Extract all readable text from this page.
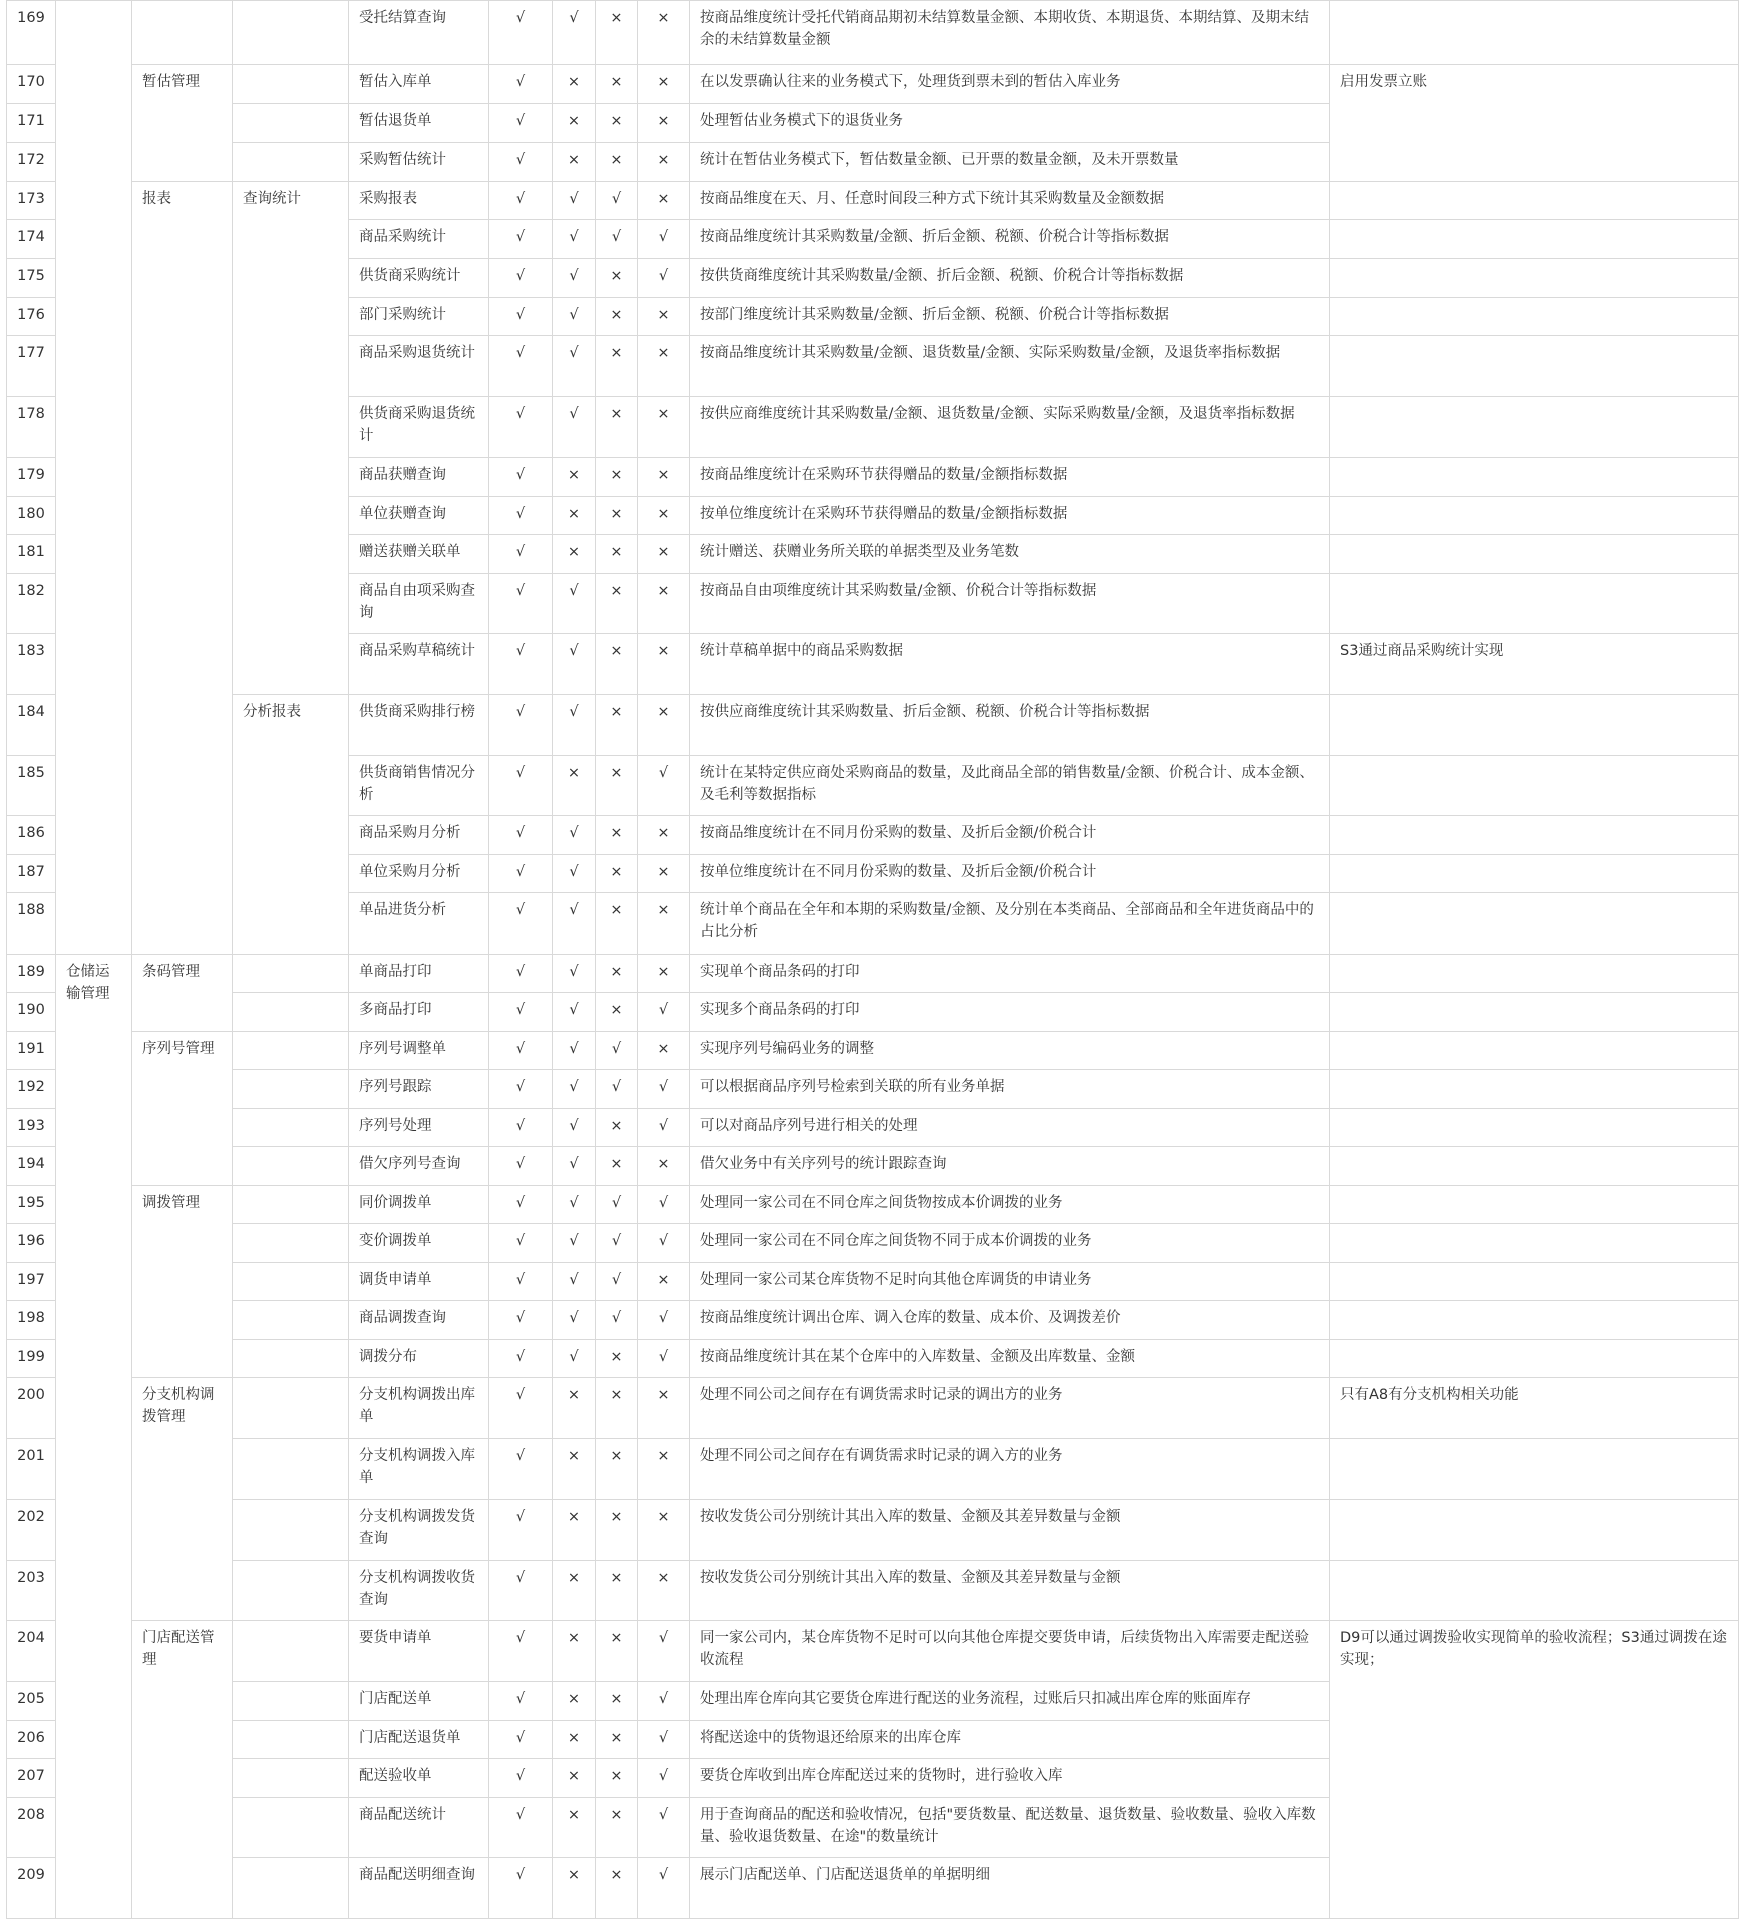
169				受托结算查询	√	√	×	×	按商品维度统计受托代销商品期初未结算数量金额、本期收货、本期退货、本期结算、及期末结余的未结算数量金额	
170		暂估管理		暂估入库单	√	×	×	×	在以发票确认往来的业务模式下，处理货到票未到的暂估入库业务	启用发票立账
171				暂估退货单	√	×	×	×	处理暂估业务模式下的退货业务	
172				采购暂估统计	√	×	×	×	统计在暂估业务模式下，暂估数量金额、已开票的数量金额，及未开票数量	
173		报表	查询统计	采购报表	√	√	√	×	按商品维度在天、月、任意时间段三种方式下统计其采购数量及金额数据	
174				商品采购统计	√	√	√	√	按商品维度统计其采购数量/金额、折后金额、税额、价税合计等指标数据	
175				供货商采购统计	√	√	×	√	按供货商维度统计其采购数量/金额、折后金额、税额、价税合计等指标数据	
176				部门采购统计	√	√	×	×	按部门维度统计其采购数量/金额、折后金额、税额、价税合计等指标数据	
177				商品采购退货统计	√	√	×	×	按商品维度统计其采购数量/金额、退货数量/金额、实际采购数量/金额，及退货率指标数据	
178				供货商采购退货统计	√	√	×	×	按供应商维度统计其采购数量/金额、退货数量/金额、实际采购数量/金额，及退货率指标数据	
179				商品获赠查询	√	×	×	×	按商品维度统计在采购环节获得赠品的数量/金额指标数据	
180				单位获赠查询	√	×	×	×	按单位维度统计在采购环节获得赠品的数量/金额指标数据	
181				赠送获赠关联单	√	×	×	×	统计赠送、获赠业务所关联的单据类型及业务笔数	
182				商品自由项采购查询	√	√	×	×	按商品自由项维度统计其采购数量/金额、价税合计等指标数据	
183				商品采购草稿统计	√	√	×	×	统计草稿单据中的商品采购数据	S3通过商品采购统计实现
184			分析报表	供货商采购排行榜	√	√	×	×	按供应商维度统计其采购数量、折后金额、税额、价税合计等指标数据	
185				供货商销售情况分析	√	×	×	√	统计在某特定供应商处采购商品的数量，及此商品全部的销售数量/金额、价税合计、成本金额、及毛利等数据指标	
186				商品采购月分析	√	√	×	×	按商品维度统计在不同月份采购的数量、及折后金额/价税合计	
187				单位采购月分析	√	√	×	×	按单位维度统计在不同月份采购的数量、及折后金额/价税合计	
188				单品进货分析	√	√	×	×	统计单个商品在全年和本期的采购数量/金额、及分别在本类商品、全部商品和全年进货商品中的占比分析	
189	仓储运输管理	条码管理		单商品打印	√	√	×	×	实现单个商品条码的打印	
190				多商品打印	√	√	×	√	实现多个商品条码的打印	
191		序列号管理		序列号调整单	√	√	√	×	实现序列号编码业务的调整	
192				序列号跟踪	√	√	√	√	可以根据商品序列号检索到关联的所有业务单据	
193				序列号处理	√	√	×	√	可以对商品序列号进行相关的处理	
194				借欠序列号查询	√	√	×	×	借欠业务中有关序列号的统计跟踪查询	
195		调拨管理		同价调拨单	√	√	√	√	处理同一家公司在不同仓库之间货物按成本价调拨的业务	
196				变价调拨单	√	√	√	√	处理同一家公司在不同仓库之间货物不同于成本价调拨的业务	
197				调货申请单	√	√	√	×	处理同一家公司某仓库货物不足时向其他仓库调货的申请业务	
198				商品调拨查询	√	√	√	√	按商品维度统计调出仓库、调入仓库的数量、成本价、及调拨差价	
199				调拨分布	√	√	×	√	按商品维度统计其在某个仓库中的入库数量、金额及出库数量、金额	
200		分支机构调拨管理		分支机构调拨出库单	√	×	×	×	处理不同公司之间存在有调货需求时记录的调出方的业务	只有A8有分支机构相关功能
201				分支机构调拨入库单	√	×	×	×	处理不同公司之间存在有调货需求时记录的调入方的业务	
202				分支机构调拨发货查询	√	×	×	×	按收发货公司分别统计其出入库的数量、金额及其差异数量与金额	
203				分支机构调拨收货查询	√	×	×	×	按收发货公司分别统计其出入库的数量、金额及其差异数量与金额	
204		门店配送管理		要货申请单	√	×	×	√	同一家公司内，某仓库货物不足时可以向其他仓库提交要货申请，后续货物出入库需要走配送验收流程	D9可以通过调拨验收实现简单的验收流程；S3通过调拨在途实现；
205				门店配送单	√	×	×	√	处理出库仓库向其它要货仓库进行配送的业务流程，过账后只扣减出库仓库的账面库存	
206				门店配送退货单	√	×	×	√	将配送途中的货物退还给原来的出库仓库	
207				配送验收单	√	×	×	√	要货仓库收到出库仓库配送过来的货物时，进行验收入库	
208				商品配送统计	√	×	×	√	用于查询商品的配送和验收情况，包括"要货数量、配送数量、退货数量、验收数量、验收入库数量、验收退货数量、在途"的数量统计	
209				商品配送明细查询	√	×	×	√	展示门店配送单、门店配送退货单的单据明细	
